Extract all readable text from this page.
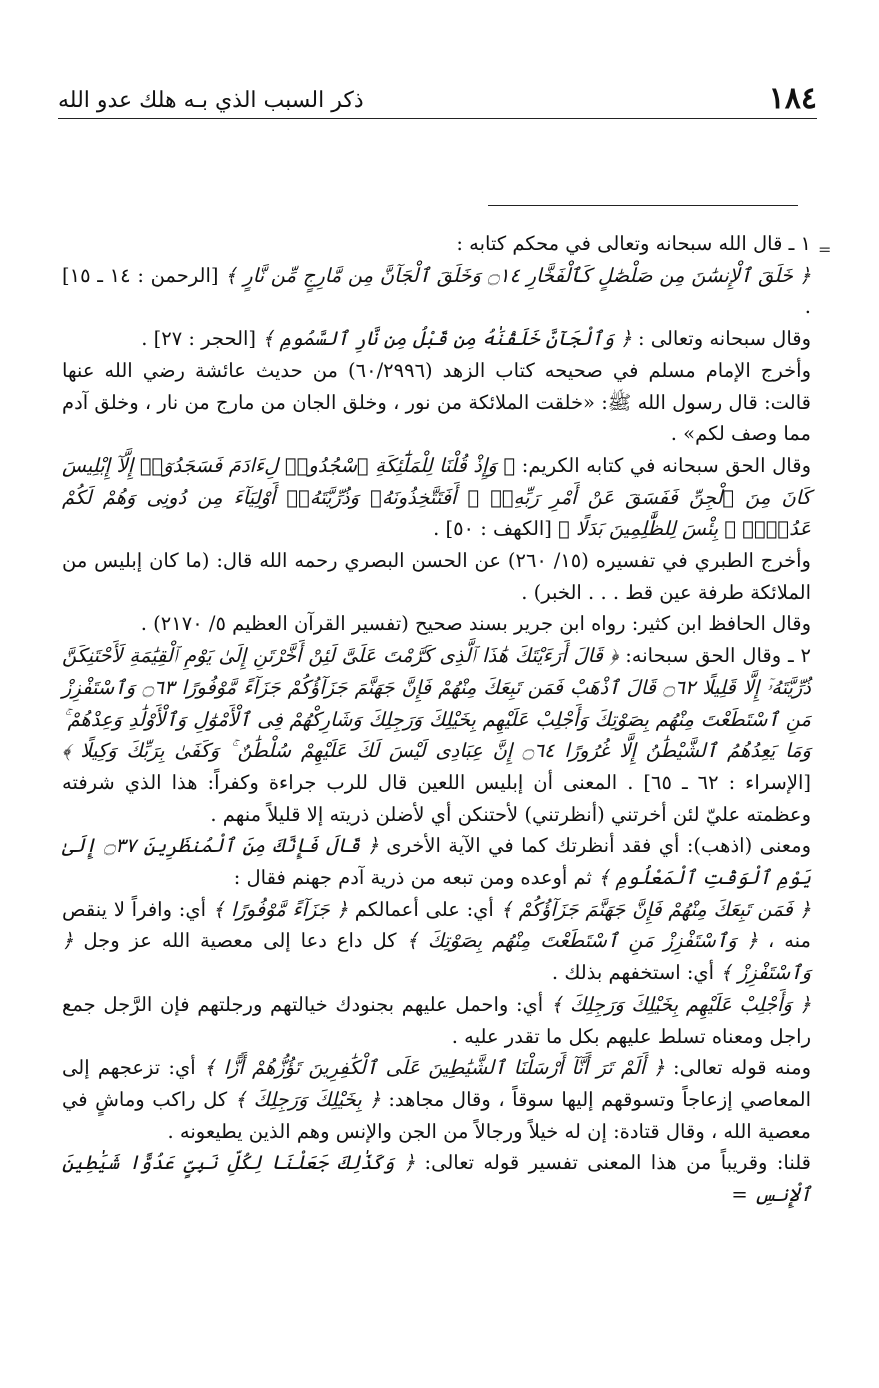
١٨٤
ذكر السبب الذي بـه هلك عدو الله
=

١ ـ قال الله سبحانه وتعالى في محكم كتابه :

﴿ خَلَقَ ٱلْإِنسَٰنَ مِن صَلْصَٰلٍ كَٱلْفَخَّارِ ۝١٤ وَخَلَقَ ٱلْجَآنَّ مِن مَّارِجٍ مِّن نَّارٍ ﴾ [الرحمن : ١٤ ـ ١٥] .

وقال سبحانه وتعالى : ﴿ وَٱلْجَآنَّ خَلَقْنَٰهُ مِن قَبْلُ مِن نَّارِ ٱلسَّمُومِ ﴾ [الحجر : ٢٧] .

وأخرج الإمام مسلم في صحيحه كتاب الزهد (٦٠/٢٩٩٦) من حديث عائشة رضي الله عنها قالت: قال رسول الله ﷺ: «خلقت الملائكة من نور ، وخلق الجان من مارج من نار ، وخلق آدم مما وصف لكم» .

وقال الحق سبحانه في كتابه الكريم: ﴿ وَإِذْ قُلْنَا لِلْمَلَٰٓئِكَةِ ٱسْجُدُوا۟ لِءَادَمَ فَسَجَدُوٓا۟ إِلَّآ إِبْلِيسَ كَانَ مِنَ ٱلْجِنِّ فَفَسَقَ عَنْ أَمْرِ رَبِّهِۦٓ ۗ أَفَتَتَّخِذُونَهُۥ وَذُرِّيَّتَهُۥٓ أَوْلِيَآءَ مِن دُونِى وَهُمْ لَكُمْ عَدُوٌّۢ ۚ بِئْسَ لِلظَّٰلِمِينَ بَدَلًا ﴾ [الكهف : ٥٠] .

وأخرج الطبري في تفسيره (١٥/ ٢٦٠) عن الحسن البصري رحمه الله قال: (ما كان إبليس من الملائكة طرفة عين قط . . . الخبر) .

وقال الحافظ ابن كثير: رواه ابن جرير بسند صحيح (تفسير القرآن العظيم ٥/ ٢١٧٠) .

٢ ـ وقال الحق سبحانه: ﴿ قَالَ أَرَءَيْتَكَ هَٰذَا ٱلَّذِى كَرَّمْتَ عَلَىَّ لَئِنْ أَخَّرْتَنِ إِلَىٰ يَوْمِ ٱلْقِيَٰمَةِ لَأَحْتَنِكَنَّ ذُرِّيَّتَهُۥٓ إِلَّا قَلِيلًا ۝٦٢ قَالَ ٱذْهَبْ فَمَن تَبِعَكَ مِنْهُمْ فَإِنَّ جَهَنَّمَ جَزَآؤُكُمْ جَزَآءً مَّوْفُورًا ۝٦٣ وَٱسْتَفْزِزْ مَنِ ٱسْتَطَعْتَ مِنْهُم بِصَوْتِكَ وَأَجْلِبْ عَلَيْهِم بِخَيْلِكَ وَرَجِلِكَ وَشَارِكْهُمْ فِى ٱلْأَمْوَٰلِ وَٱلْأَوْلَٰدِ وَعِدْهُمْ ۚ وَمَا يَعِدُهُمُ ٱلشَّيْطَٰنُ إِلَّا غُرُورًا ۝٦٤ إِنَّ عِبَادِى لَيْسَ لَكَ عَلَيْهِمْ سُلْطَٰنٌ ۚ وَكَفَىٰ بِرَبِّكَ وَكِيلًا ﴾ [الإسراء : ٦٢ ـ ٦٥] . المعنى أن إبليس اللعين قال للرب جراءة وكفراً: هذا الذي شرفته وعظمته عليّ لئن أخرتني (أنظرتني) لأحتنكن أي لأضلن ذريته إلا قليلاً منهم .

ومعنى (اذهب): أي فقد أنظرتك كما في الآية الأخرى ﴿ قَالَ فَإِنَّكَ مِنَ ٱلْمُنظَرِينَ ۝٣٧ إِلَىٰ يَوْمِ ٱلْوَقْتِ ٱلْمَعْلُومِ ﴾ ثم أوعده ومن تبعه من ذرية آدم جهنم فقال :

﴿ فَمَن تَبِعَكَ مِنْهُمْ فَإِنَّ جَهَنَّمَ جَزَآؤُكُمْ ﴾ أي: على أعمالكم ﴿ جَزَآءً مَّوْفُورًا ﴾ أي: وافراً لا ينقص منه ، ﴿ وَٱسْتَفْزِزْ مَنِ ٱسْتَطَعْتَ مِنْهُم بِصَوْتِكَ ﴾ كل داع دعا إلى معصية الله عز وجل ﴿ وَٱسْتَفْزِزْ ﴾ أي: استخفهم بذلك .

﴿ وَأَجْلِبْ عَلَيْهِم بِخَيْلِكَ وَرَجِلِكَ ﴾ أي: واحمل عليهم بجنودك خيالتهم ورجلتهم فإن الرَّجل جمع راجل ومعناه تسلط عليهم بكل ما تقدر عليه .

ومنه قوله تعالى: ﴿ أَلَمْ تَرَ أَنَّآ أَرْسَلْنَا ٱلشَّيَٰطِينَ عَلَى ٱلْكَٰفِرِينَ تَؤُزُّهُمْ أَزًّا ﴾ أي: تزعجهم إلى المعاصي إزعاجاً وتسوقهم إليها سوقاً ، وقال مجاهد: ﴿ بِخَيْلِكَ وَرَجِلِكَ ﴾ كل راكب وماشٍ في معصية الله ، وقال قتادة: إن له خيلاً ورجالاً من الجن والإنس وهم الذين يطيعونه .

قلنا: وقريباً من هذا المعنى تفسير قوله تعالى: ﴿ وَكَذَٰلِكَ جَعَلْنَا لِكُلِّ نَبِىٍّ عَدُوًّا شَيَٰطِينَ ٱلْإِنسِ =
